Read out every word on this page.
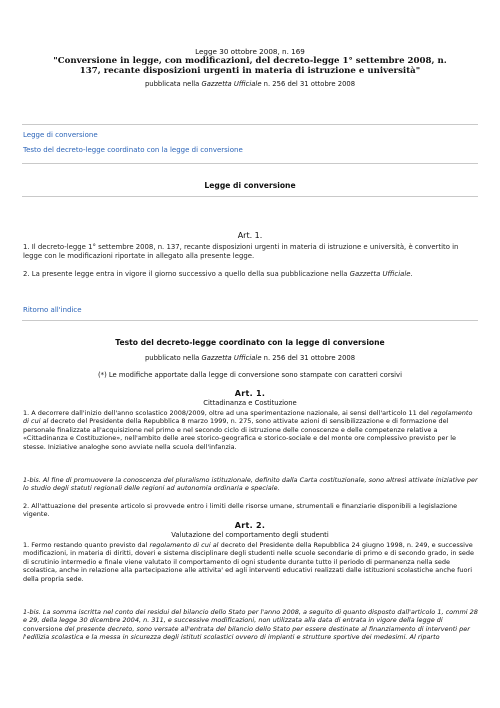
Legge 30 ottobre 2008, n. 169
"Conversione in legge, con modificazioni, del decreto-legge 1° settembre 2008, n. 137, recante disposizioni urgenti in materia di istruzione e università"
pubblicata nella Gazzetta Ufficiale n. 256 del 31 ottobre 2008
Legge di conversione
Testo del decreto-legge coordinato con la legge di conversione
Legge di conversione
Art. 1.
1. Il decreto-legge 1° settembre 2008, n. 137, recante disposizioni urgenti in materia di istruzione e università, è convertito in legge con le modificazioni riportate in allegato alla presente legge.
2. La presente legge entra in vigore il giorno successivo a quello della sua pubblicazione nella Gazzetta Ufficiale.
Ritorno all'indice
Testo del decreto-legge coordinato con la legge di conversione
pubblicato nella Gazzetta Ufficiale n. 256 del 31 ottobre 2008
(*) Le modifiche apportate dalla legge di conversione sono stampate con caratteri corsivi
Art. 1.
Cittadinanza e Costituzione
1. A decorrere dall'inizio dell'anno scolastico 2008/2009, oltre ad una sperimentazione nazionale, ai sensi dell'articolo 11 del regolamento di cui al decreto del Presidente della Repubblica 8 marzo 1999, n. 275, sono attivate azioni di sensibilizzazione e di formazione del personale finalizzate all'acquisizione nel primo e nel secondo ciclo di istruzione delle conoscenze e delle competenze relative a «Cittadinanza e Costituzione», nell'ambito delle aree storico-geografica e storico-sociale e del monte ore complessivo previsto per le stesse. Iniziative analoghe sono avviate nella scuola dell'infanzia.
1-bis. Al fine di promuovere la conoscenza del pluralismo istituzionale, definito dalla Carta costituzionale, sono altresì attivate iniziative per lo studio degli statuti regionali delle regioni ad autonomia ordinaria e speciale.
2. All'attuazione del presente articolo si provvede entro i limiti delle risorse umane, strumentali e finanziarie disponibili a legislazione vigente.
Art. 2.
Valutazione del comportamento degli studenti
1. Fermo restando quanto previsto dal regolamento di cui al decreto del Presidente della Repubblica 24 giugno 1998, n. 249, e successive modificazioni, in materia di diritti, doveri e sistema disciplinare degli studenti nelle scuole secondarie di primo e di secondo grado, in sede di scrutinio intermedio e finale viene valutato il comportamento di ogni studente durante tutto il periodo di permanenza nella sede scolastica, anche in relazione alla partecipazione alle attivita' ed agli interventi educativi realizzati dalle istituzioni scolastiche anche fuori della propria sede.
1-bis. La somma iscritta nel conto dei residui del bilancio dello Stato per l'anno 2008, a seguito di quanto disposto dall'articolo 1, commi 28 e 29, della legge 30 dicembre 2004, n. 311, e successive modificazioni, non utilizzata alla data di entrata in vigore della legge di conversione del presente decreto, sono versate all'entrata del bilancio dello Stato per essere destinate al finanziamento di interventi per l'edilizia scolastica e la messa in sicurezza degli istituti scolastici ovvero di impianti e strutture sportive dei medesimi. Al riparto
